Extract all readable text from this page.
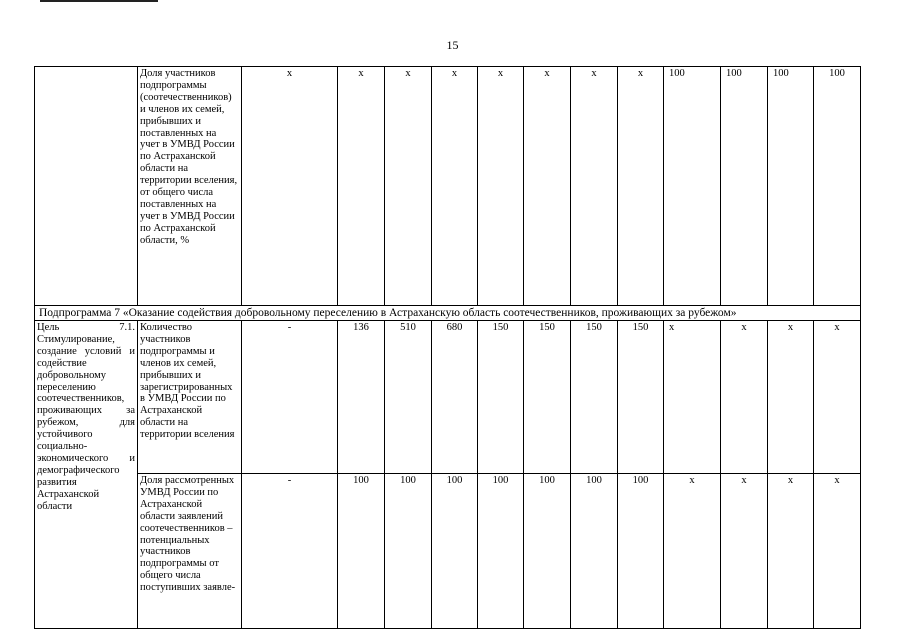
15
	Доля участников подпрограммы (соотечественников) и членов их семей, прибывших и поставленных на учет в УМВД России по Астраханской области на территории вселения, от общего числа поставленных на учет в УМВД России по Астраханской области, %	х	х	х	х	х	х	х	х	100	100	100	100
Подпрограмма 7 «Оказание содействия добровольному переселению в Астраханскую область соотечественников, проживающих за рубежом»													
Цель 7.1. Стимулирование, создание условий и содействие добровольному переселению соотечественников, проживающих за рубежом, для устойчивого социально-экономического и демографического развития Астраханской области	Количество участников подпрограммы и членов их семей, прибывших и зарегистрированных в УМВД России по Астраханской области на территории вселения	-	136	510	680	150	150	150	150	х	х	х	х

	Доля рассмотренных УМВД России по Астраханской области заявлений соотечественников – потенциальных участников подпрограммы от общего числа поступивших заявле-	-	100	100	100	100	100	100	100	х	х	х	х
